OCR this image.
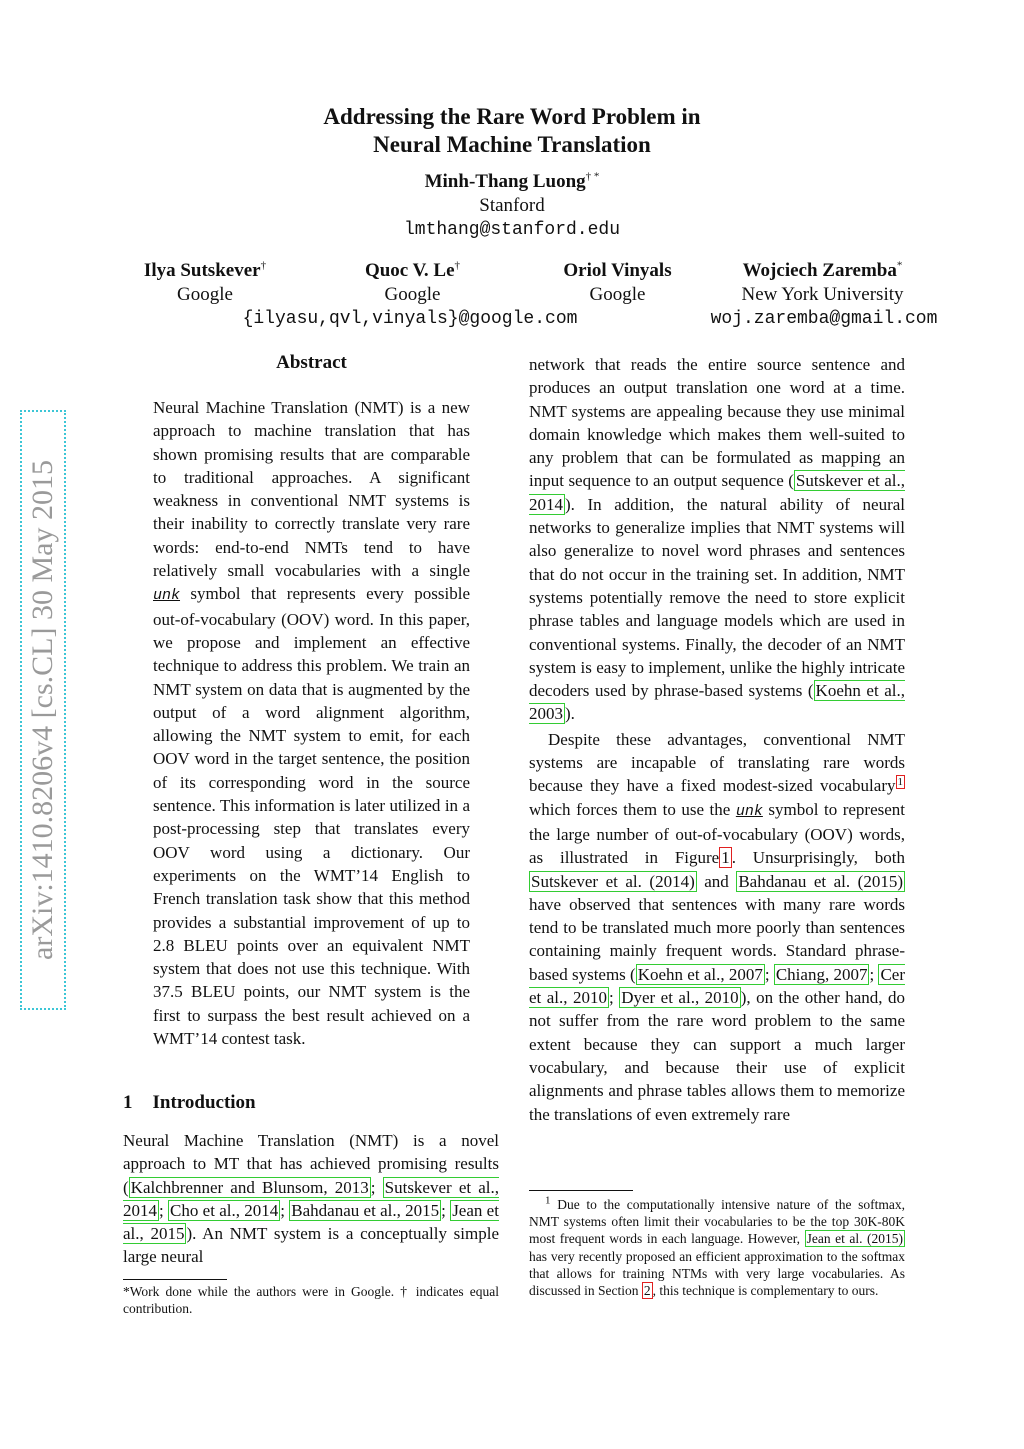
Addressing the Rare Word Problem in
Neural Machine Translation
Minh-Thang Luong† *
Stanford
lmthang@stanford.edu
Ilya Sutskever†
Google
Quoc V. Le†
Google
Oriol Vinyals
Google
Wojciech Zaremba*
New York University
{ilyasu,qvl,vinyals}@google.com	woj.zaremba@gmail.com
arXiv:1410.8206v4 [cs.CL] 30 May 2015
Abstract

Neural Machine Translation (NMT) is a new approach to machine translation that has shown promising results that are comparable to traditional approaches. A significant weakness in conventional NMT systems is their inability to correctly translate very rare words: end-to-end NMTs tend to have relatively small vocabularies with a single unk symbol that represents every possible out-of-vocabulary (OOV) word. In this paper, we propose and implement an effective technique to address this problem. We train an NMT system on data that is augmented by the output of a word alignment algorithm, allowing the NMT system to emit, for each OOV word in the target sentence, the position of its corresponding word in the source sentence. This information is later utilized in a post-processing step that translates every OOV word using a dictionary. Our experiments on the WMT’14 English to French translation task show that this method provides a substantial improvement of up to 2.8 BLEU points over an equivalent NMT system that does not use this technique. With 37.5 BLEU points, our NMT system is the first to surpass the best result achieved on a WMT’14 contest task.

1 Introduction

Neural Machine Translation (NMT) is a novel approach to MT that has achieved promising results ( Kalchbrenner and Blunsom, 2013 ; Sutskever et al., 2014 ; Cho et al., 2014 ; Bahdanau et al., 2015 ; Jean et al., 2015 ). An NMT system is a conceptually simple large neural

*Work done while the authors were in Google. † indicates equal contribution.

network that reads the entire source sentence and produces an output translation one word at a time. NMT systems are appealing because they use minimal domain knowledge which makes them well-suited to any problem that can be formulated as mapping an input sequence to an output sequence ( Sutskever et al., 2014 ). In addition, the natural ability of neural networks to generalize implies that NMT systems will also generalize to novel word phrases and sentences that do not occur in the training set. In addition, NMT systems potentially remove the need to store explicit phrase tables and language models which are used in conventional systems. Finally, the decoder of an NMT system is easy to implement, unlike the highly intricate decoders used by phrase-based systems ( Koehn et al., 2003 ).

Despite these advantages, conventional NMT systems are incapable of translating rare words because they have a fixed modest-sized vocabulary $^1$ which forces them to use the unk symbol to represent the large number of out-of-vocabulary (OOV) words, as illustrated in Figure 1 . Unsurprisingly, both Sutskever et al. (2014) and Bahdanau et al. (2015) have observed that sentences with many rare words tend to be translated much more poorly than sentences containing mainly frequent words. Standard phrase-based systems ( Koehn et al., 2007 ; Chiang, 2007 ; Cer et al., 2010 ; Dyer et al., 2010 ), on the other hand, do not suffer from the rare word problem to the same extent because they can support a much larger vocabulary, and because their use of explicit alignments and phrase tables allows them to memorize the translations of even extremely rare

$^1$ Due to the computationally intensive nature of the softmax, NMT systems often limit their vocabularies to be the top 30K-80K most frequent words in each language. However, Jean et al. (2015) has very recently proposed an efficient approximation to the softmax that allows for training NTMs with very large vocabularies. As discussed in Section 2 , this technique is complementary to ours.
